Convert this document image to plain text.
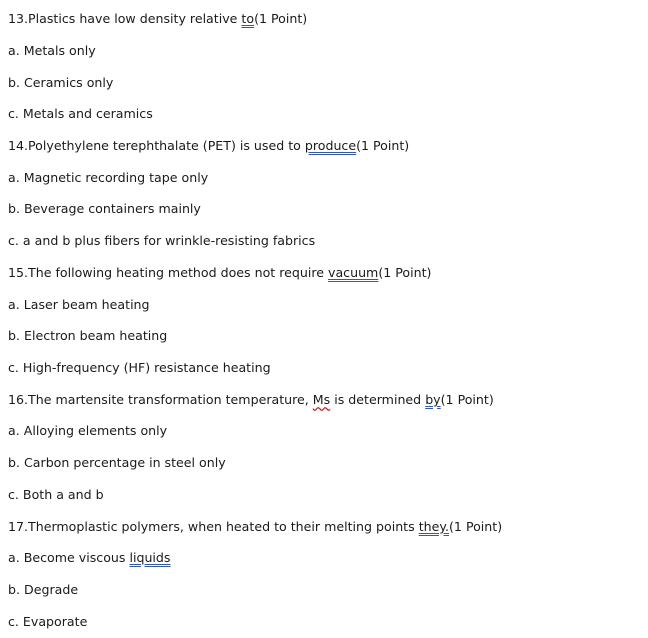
13.Plastics have low density relative to(1 Point)
a. Metals only
b. Ceramics only
c. Metals and ceramics
14.Polyethylene terephthalate (PET) is used to produce(1 Point)
a. Magnetic recording tape only
b. Beverage containers mainly
c. a and b plus fibers for wrinkle-resisting fabrics
15.The following heating method does not require vacuum(1 Point)
a. Laser beam heating
b. Electron beam heating
c. High-frequency (HF) resistance heating
16.The martensite transformation temperature, Ms is determined by(1 Point)
a. Alloying elements only
b. Carbon percentage in steel only
c. Both a and b
17.Thermoplastic polymers, when heated to their melting points they.(1 Point)
a. Become viscous liquids
b. Degrade
c. Evaporate
